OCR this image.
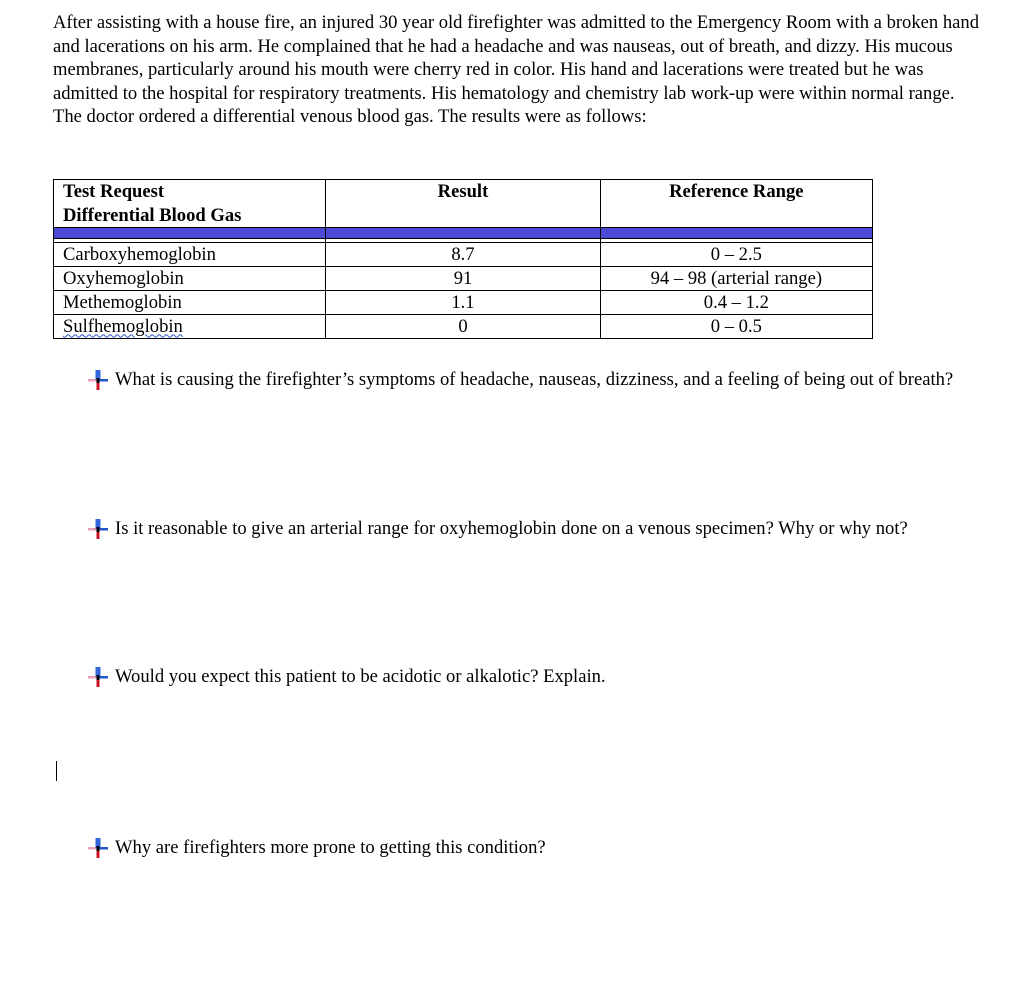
After assisting with a house fire, an injured 30 year old firefighter was admitted to the Emergency Room with a broken hand and lacerations on his arm. He complained that he had a headache and was nauseas, out of breath, and dizzy. His mucous membranes, particularly around his mouth were cherry red in color. His hand and lacerations were treated but he was admitted to the hospital for respiratory treatments. His hematology and chemistry lab work-up were within normal range. The doctor ordered a differential venous blood gas. The results were as follows:

Test Request
Differential Blood Gas	Result	Reference Range

Carboxyhemoglobin	8.7	0 – 2.5
Oxyhemoglobin	91	94 – 98 (arterial range)
Methemoglobin	1.1	0.4 – 1.2
Sulfhemoglobin	0	0 – 0.5
What is causing the firefighter’s symptoms of headache, nauseas, dizziness, and a feeling of being out of breath?
Is it reasonable to give an arterial range for oxyhemoglobin done on a venous specimen? Why or why not?
Would you expect this patient to be acidotic or alkalotic? Explain.
Why are firefighters more prone to getting this condition?
